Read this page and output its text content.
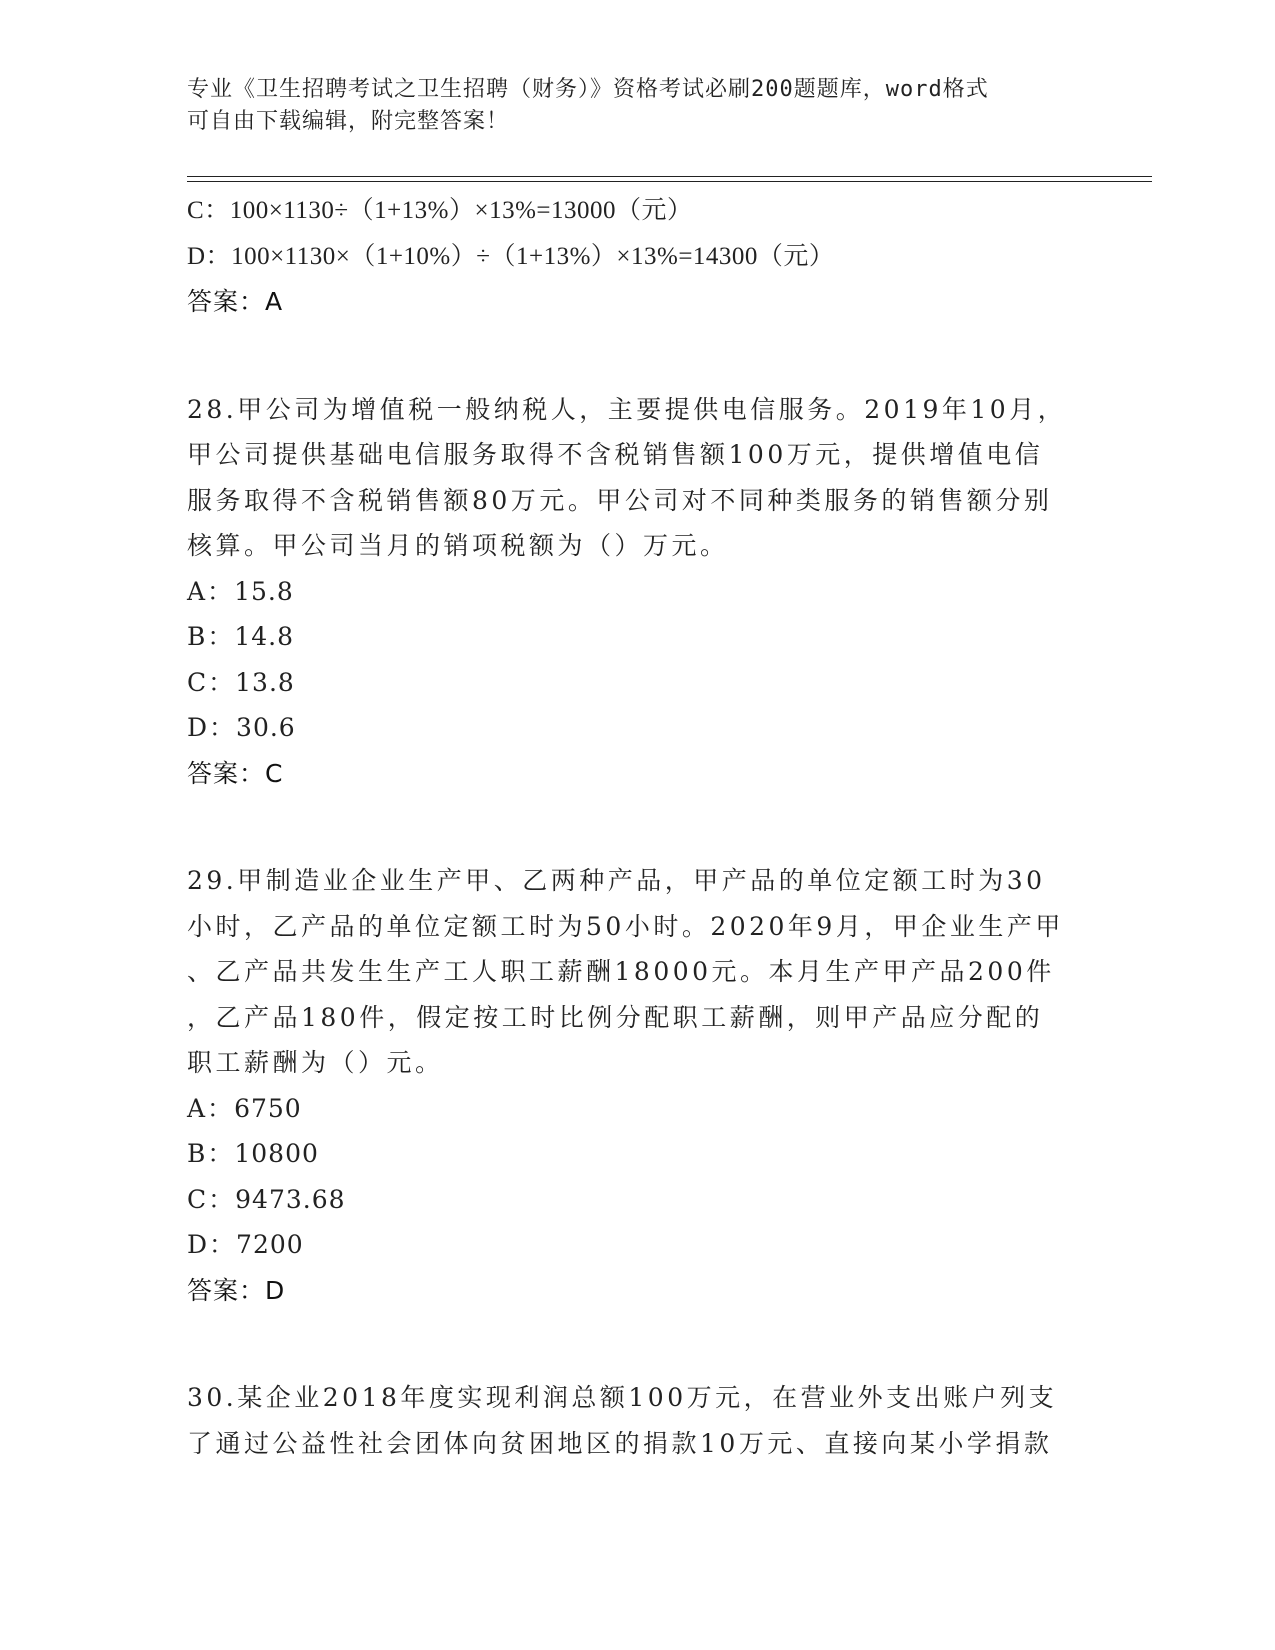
专业《卫生招聘考试之卫生招聘（财务）》资格考试必刷200题题库，word格式
可自由下载编辑，附完整答案！
C：100×1130÷（1+13%）×13%=13000（元）
D：100×1130×（1+10%）÷（1+13%）×13%=14300（元）
答案：A
28.甲公司为增值税一般纳税人，主要提供电信服务。2019年10月，
甲公司提供基础电信服务取得不含税销售额100万元，提供增值电信
服务取得不含税销售额80万元。甲公司对不同种类服务的销售额分别
核算。甲公司当月的销项税额为（）万元。
A：15.8
B：14.8
C：13.8
D：30.6
答案：C
29.甲制造业企业生产甲、乙两种产品，甲产品的单位定额工时为30
小时，乙产品的单位定额工时为50小时。2020年9月，甲企业生产甲
、乙产品共发生生产工人职工薪酬18000元。本月生产甲产品200件
，乙产品180件，假定按工时比例分配职工薪酬，则甲产品应分配的
职工薪酬为（）元。
A：6750
B：10800
C：9473.68
D：7200
答案：D
30.某企业2018年度实现利润总额100万元，在营业外支出账户列支
了通过公益性社会团体向贫困地区的捐款10万元、直接向某小学捐款
